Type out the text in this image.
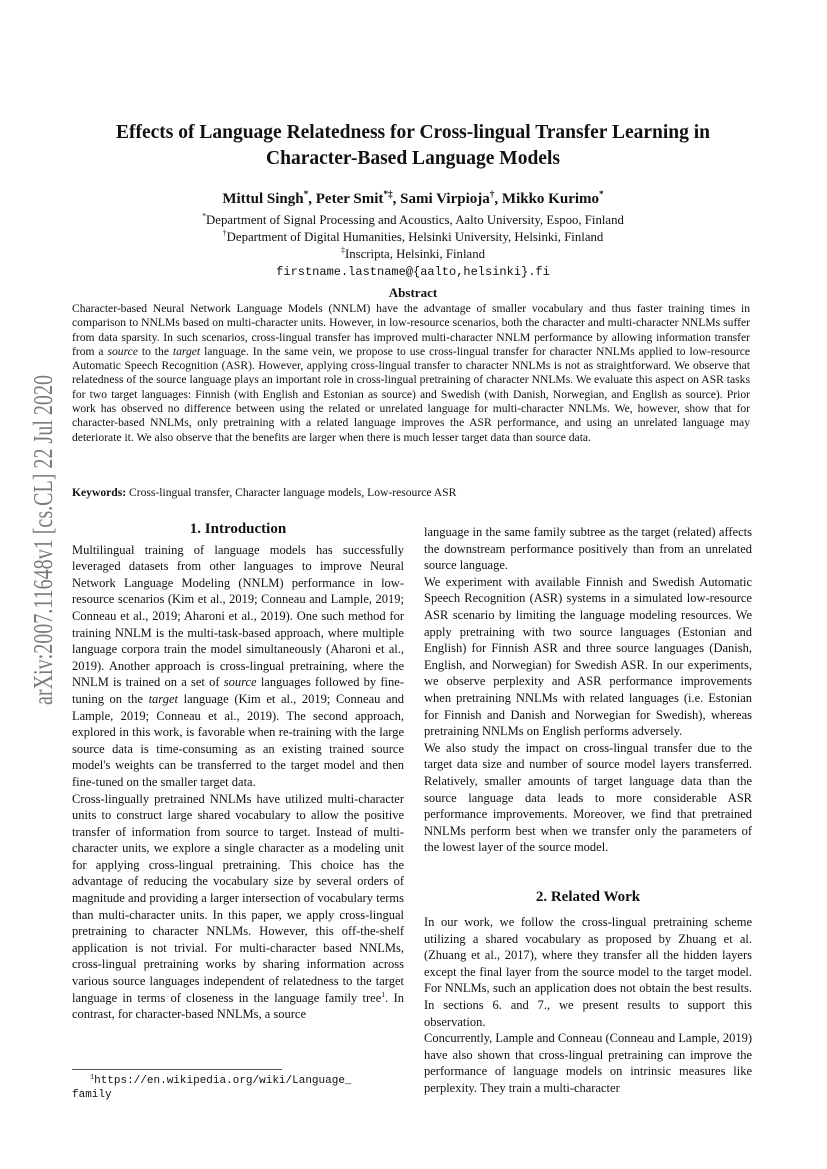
arXiv:2007.11648v1 [cs.CL] 22 Jul 2020
Effects of Language Relatedness for Cross-lingual Transfer Learning in
Character-Based Language Models
Mittul Singh*, Peter Smit*‡, Sami Virpioja†, Mikko Kurimo*
*Department of Signal Processing and Acoustics, Aalto University, Espoo, Finland
†Department of Digital Humanities, Helsinki University, Helsinki, Finland
‡Inscripta, Helsinki, Finland
firstname.lastname@{aalto,helsinki}.fi
Abstract
Character-based Neural Network Language Models (NNLM) have the advantage of smaller vocabulary and thus faster training times in comparison to NNLMs based on multi-character units. However, in low-resource scenarios, both the character and multi-character NNLMs suffer from data sparsity. In such scenarios, cross-lingual transfer has improved multi-character NNLM performance by allowing information transfer from a source to the target language. In the same vein, we propose to use cross-lingual transfer for character NNLMs applied to low-resource Automatic Speech Recognition (ASR). However, applying cross-lingual transfer to character NNLMs is not as straightforward. We observe that relatedness of the source language plays an important role in cross-lingual pretraining of character NNLMs. We evaluate this aspect on ASR tasks for two target languages: Finnish (with English and Estonian as source) and Swedish (with Danish, Norwegian, and English as source). Prior work has observed no difference between using the related or unrelated language for multi-character NNLMs. We, however, show that for character-based NNLMs, only pretraining with a related language improves the ASR performance, and using an unrelated language may deteriorate it. We also observe that the benefits are larger when there is much lesser target data than source data.
Keywords: Cross-lingual transfer, Character language models, Low-resource ASR
1. Introduction

Multilingual training of language models has successfully leveraged datasets from other languages to improve Neural Network Language Modeling (NNLM) performance in low-resource scenarios (Kim et al., 2019; Conneau and Lample, 2019; Conneau et al., 2019; Aharoni et al., 2019). One such method for training NNLM is the multi-task-based approach, where multiple language corpora train the model simultaneously (Aharoni et al., 2019). Another approach is cross-lingual pretraining, where the NNLM is trained on a set of source languages followed by fine-tuning on the target language (Kim et al., 2019; Conneau and Lample, 2019; Conneau et al., 2019). The second approach, explored in this work, is favorable when re-training with the large source data is time-consuming as an existing trained source model's weights can be transferred to the target model and then fine-tuned on the smaller target data.

Cross-lingually pretrained NNLMs have utilized multi-character units to construct large shared vocabulary to allow the positive transfer of information from source to target. Instead of multi-character units, we explore a single character as a modeling unit for applying cross-lingual pretraining. This choice has the advantage of reducing the vocabulary size by several orders of magnitude and providing a larger intersection of vocabulary terms than multi-character units. In this paper, we apply cross-lingual pretraining to character NNLMs. However, this off-the-shelf application is not trivial. For multi-character based NNLMs, cross-lingual pretraining works by sharing information across various source languages independent of relatedness to the target language in terms of closeness in the language family tree$^1$. In contrast, for character-based NNLMs, a source

language in the same family subtree as the target (related) affects the downstream performance positively than from an unrelated source language.

We experiment with available Finnish and Swedish Automatic Speech Recognition (ASR) systems in a simulated low-resource ASR scenario by limiting the language modeling resources. We apply pretraining with two source languages (Estonian and English) for Finnish ASR and three source languages (Danish, English, and Norwegian) for Swedish ASR. In our experiments, we observe perplexity and ASR performance improvements when pretraining NNLMs with related languages (i.e. Estonian for Finnish and Danish and Norwegian for Swedish), whereas pretraining NNLMs on English performs adversely.

We also study the impact on cross-lingual transfer due to the target data size and number of source model layers transferred. Relatively, smaller amounts of target language data than the source language data leads to more considerable ASR performance improvements. Moreover, we find that pretrained NNLMs perform best when we transfer only the parameters of the lowest layer of the source model.

2. Related Work

In our work, we follow the cross-lingual pretraining scheme utilizing a shared vocabulary as proposed by Zhuang et al. (Zhuang et al., 2017), where they transfer all the hidden layers except the final layer from the source model to the target model. For NNLMs, such an application does not obtain the best results. In sections 6. and 7., we present results to support this observation.

Concurrently, Lample and Conneau (Conneau and Lample, 2019) have also shown that cross-lingual pretraining can improve the performance of language models on intrinsic measures like perplexity. They train a multi-character

$^1$https://en.wikipedia.org/wiki/Language_
family
